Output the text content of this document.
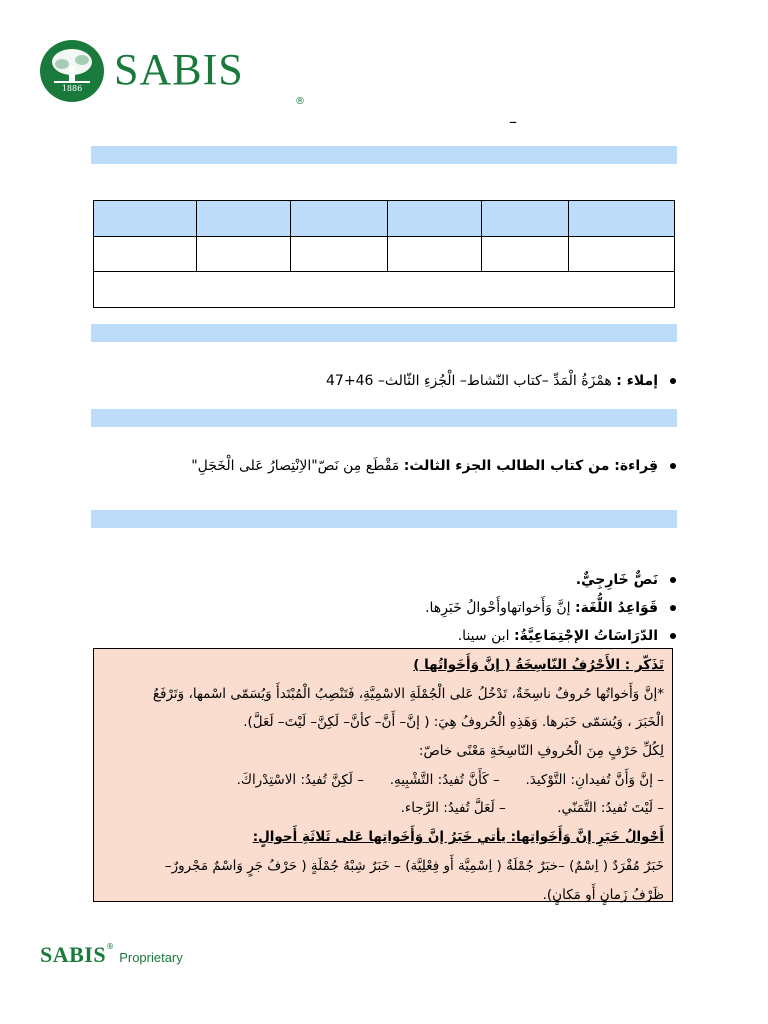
1886 SABIS
®
–

إملاء : همْزَةُ الْمَدِّ –كتاب النّشاط– الْجُزءِ الثّالث– 46+47
قِراءة: من كتاب الطالب الجزء الثالث: مَقْطَع مِن نَصّ"الاِنْتِصارُ عَلى الْخَجَلِ"
نَصٌّ خَارِجِيٌّ.
قَوَاعِدُ اللُّغَة: إنَّ وَأَخواتهاوأَحْوالُ خَبَرِها.
الدّرَاسَاتُ الإجْتِمَاعِيَّةُ: ابن سينا.
تَذَكّر : الأَحْرُفُ النّاسِخَةُ ( إنَّ وَأَخَواتُها )
*إنَّ وَأَخواتُها حُروفٌ ناسِخَةٌ، تَدْخُلُ عَلى الْجُمْلَةِ الاسْمِيَّةِ، فَتَنْصِبُ الْمُبْتَدأَ وَيُسَمّى اسْمها، وَتَرْفَعُ
الْخَبَرَ ، وَيُسَمّى خَبَرها. وَهَذِهِ الْحُروفُ هِيَ: ( إنَّ– أَنَّ– كأنَّ– لَكِنَّ– لَيْتَ– لَعَلَّ).
لِكُلِّ حَرْفٍ مِنَ الْحُروفِ النّاسِخَةِ مَعْنًى خاصّ:
– إنَّ وَأَنَّ تُفيدانِ: التَّوْكيدَ.      – كَأَنَّ تُفيدُ: التَّشْبِيهِ.      – لَكِنَّ تُفيدُ: الاسْتِدْراكَ.
– لَيْتَ تُفيدُ: التَّمَنّي.            – لَعَلَّ تُفيدُ: الرَّجاء.
أَحْوالُ خَبَرِ إنَّ وَأَخَواتِها: يأتي خَبَرُ إنَّ وَأَخَواتِها عَلى ثَلاثَةِ أَحوالٍ:
خَبَرٌ مُفْرَدٌ ( اِسْمٌ) –خبَرٌ جُمْلَةٌ ( اِسْمِيَّة أَو فِعْلِيَّة) – خَبَرٌ شِبْهُ جُمْلَةٍ ( حَرْفُ جَرٍ وَاسْمٌ مَجْرورٌ–
ظَرْفُ زَمانٍ أَو مَكانٍ).
SABIS® Proprietary
